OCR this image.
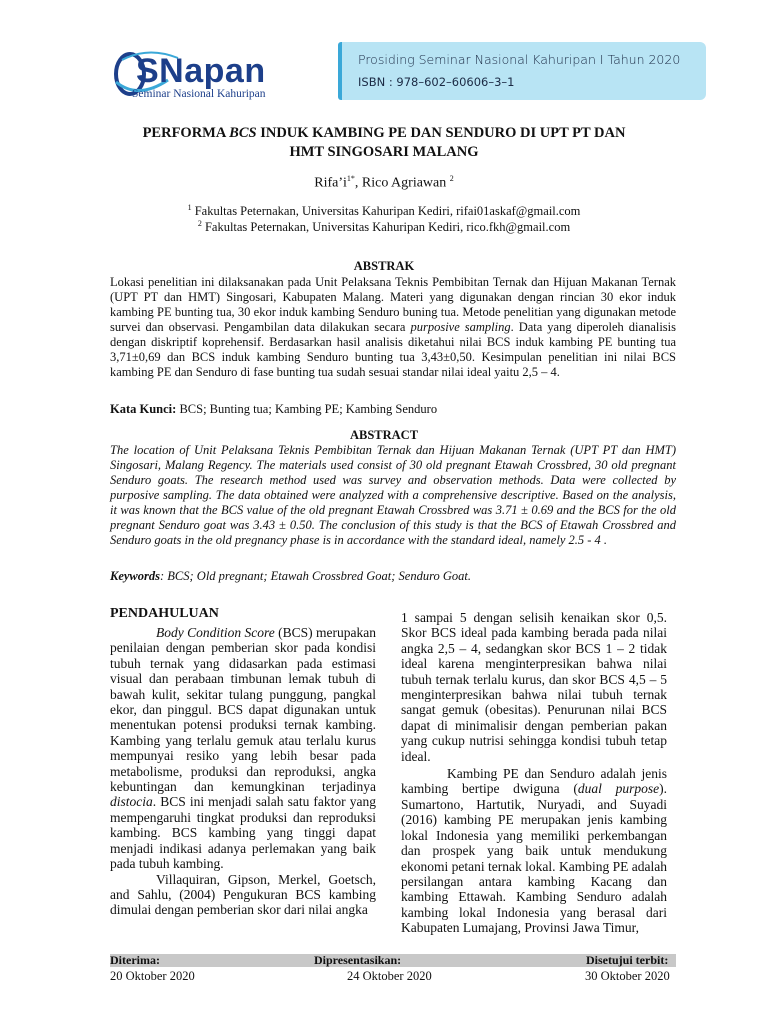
SNapan
Seminar Nasional Kahuripan
Prosiding Seminar Nasional Kahuripan I Tahun 2020
ISBN : 978–602–60606–3–1
PERFORMA BCS INDUK KAMBING PE DAN SENDURO DI UPT PT DAN
HMT SINGOSARI MALANG
$Rifa’i^{1*}$, Rico Agriawan $^2$
$^1$ Fakultas Peternakan, Universitas Kahuripan Kediri, rifai01askaf@gmail.com
$^2$ Fakultas Peternakan, Universitas Kahuripan Kediri, rico.fkh@gmail.com
ABSTRAK
Lokasi penelitian ini dilaksanakan pada Unit Pelaksana Teknis Pembibitan Ternak dan Hijuan Makanan Ternak (UPT PT dan HMT) Singosari, Kabupaten Malang. Materi yang digunakan dengan rincian 30 ekor induk kambing PE bunting tua, 30 ekor induk kambing Senduro buning tua. Metode penelitian yang digunakan metode survei dan observasi. Pengambilan data dilakukan secara purposive sampling. Data yang diperoleh dianalisis dengan diskriptif koprehensif. Berdasarkan hasil analisis diketahui nilai BCS induk kambing PE bunting tua 3,71±0,69 dan BCS induk kambing Senduro bunting tua 3,43±0,50. Kesimpulan penelitian ini nilai BCS kambing PE dan Senduro di fase bunting tua sudah sesuai standar nilai ideal yaitu 2,5 – 4.
Kata Kunci: BCS; Bunting tua; Kambing PE; Kambing Senduro
ABSTRACT
The location of Unit Pelaksana Teknis Pembibitan Ternak dan Hijuan Makanan Ternak (UPT PT dan HMT) Singosari, Malang Regency. The materials used consist of 30 old pregnant Etawah Crossbred, 30 old pregnant Senduro goats. The research method used was survey and observation methods. Data were collected by purposive sampling. The data obtained were analyzed with a comprehensive descriptive. Based on the analysis, it was known that the BCS value of the old pregnant Etawah Crossbred was 3.71 ± 0.69 and the BCS for the old pregnant Senduro goat was 3.43 ± 0.50. The conclusion of this study is that the BCS of Etawah Crossbred and Senduro goats in the old pregnancy phase is in accordance with the standard ideal, namely 2.5 - 4 .
Keywords: BCS; Old pregnant; Etawah Crossbred Goat; Senduro Goat.
PENDAHULUAN

Body Condition Score (BCS) merupakan penilaian dengan pemberian skor pada kondisi tubuh ternak yang didasarkan pada estimasi visual dan perabaan timbunan lemak tubuh di bawah kulit, sekitar tulang punggung, pangkal ekor, dan pinggul. BCS dapat digunakan untuk menentukan potensi produksi ternak kambing. Kambing yang terlalu gemuk atau terlalu kurus mempunyai resiko yang lebih besar pada metabolisme, produksi dan reproduksi, angka kebuntingan dan kemungkinan terjadinya distocia. BCS ini menjadi salah satu faktor yang mempengaruhi tingkat produksi dan reproduksi kambing. BCS kambing yang tinggi dapat menjadi indikasi adanya perlemakan yang baik pada tubuh kambing.

Villaquiran, Gipson, Merkel, Goetsch, and Sahlu, (2004) Pengukuran BCS kambing dimulai dengan pemberian skor dari nilai angka

1 sampai 5 dengan selisih kenaikan skor 0,5. Skor BCS ideal pada kambing berada pada nilai angka 2,5 – 4, sedangkan skor BCS 1 – 2 tidak ideal karena menginterpresikan bahwa nilai tubuh ternak terlalu kurus, dan skor BCS 4,5 – 5 menginterpresikan bahwa nilai tubuh ternak sangat gemuk (obesitas). Penurunan nilai BCS dapat di minimalisir dengan pemberian pakan yang cukup nutrisi sehingga kondisi tubuh tetap ideal.

Kambing PE dan Senduro adalah jenis kambing bertipe dwiguna (dual purpose). Sumartono, Hartutik, Nuryadi, and Suyadi (2016) kambing PE merupakan jenis kambing lokal Indonesia yang memiliki perkembangan dan prospek yang baik untuk mendukung ekonomi petani ternak lokal. Kambing PE adalah persilangan antara kambing Kacang dan kambing Ettawah. Kambing Senduro adalah kambing lokal Indonesia yang berasal dari Kabupaten Lumajang, Provinsi Jawa Timur,

Diterima:	Dipresentasikan:	Disetujui terbit:
20 Oktober 2020	24 Oktober 2020	30 Oktober 2020
